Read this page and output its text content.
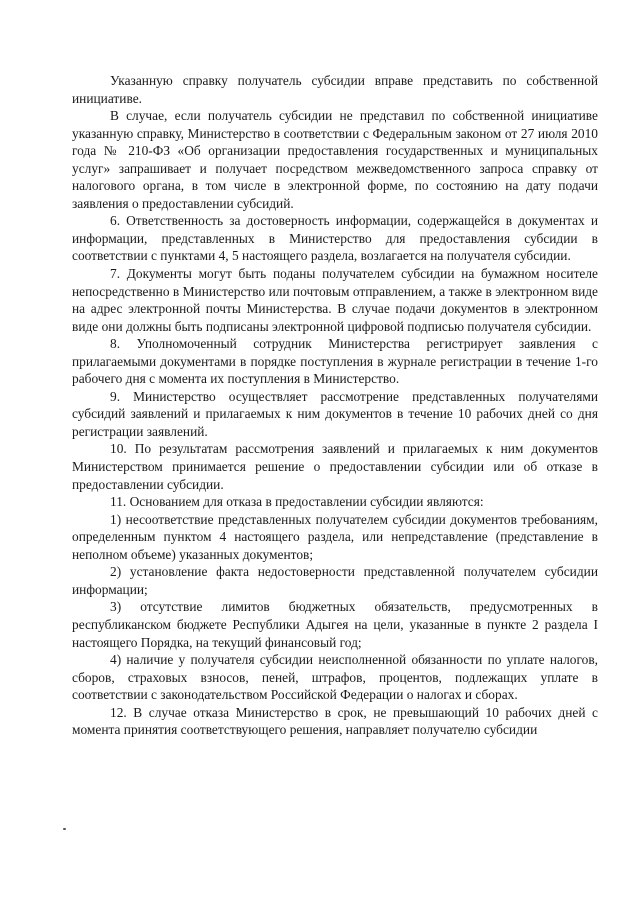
Указанную справку получатель субсидии вправе представить по собственной инициативе.

В случае, если получатель субсидии не представил по собственной инициативе указанную справку, Министерство в соответствии с Федеральным законом от 27 июля 2010 года № 210-ФЗ «Об организации предоставления государственных и муниципальных услуг» запрашивает и получает посредством межведомственного запроса справку от налогового органа, в том числе в электронной форме, по состоянию на дату подачи заявления о предоставлении субсидий.

6. Ответственность за достоверность информации, содержащейся в документах и информации, представленных в Министерство для предоставления субсидии в соответствии с пунктами 4, 5 настоящего раздела, возлагается на получателя субсидии.

7. Документы могут быть поданы получателем субсидии на бумажном носителе непосредственно в Министерство или почтовым отправлением, а также в электронном виде на адрес электронной почты Министерства. В случае подачи документов в электронном виде они должны быть подписаны электронной цифровой подписью получателя субсидии.

8. Уполномоченный сотрудник Министерства регистрирует заявления с прилагаемыми документами в порядке поступления в журнале регистрации в течение 1-го рабочего дня с момента их поступления в Министерство.

9. Министерство осуществляет рассмотрение представленных получателями субсидий заявлений и прилагаемых к ним документов в течение 10 рабочих дней со дня регистрации заявлений.

10. По результатам рассмотрения заявлений и прилагаемых к ним документов Министерством принимается решение о предоставлении субсидии или об отказе в предоставлении субсидии.

11. Основанием для отказа в предоставлении субсидии являются:

1) несоответствие представленных получателем субсидии документов требованиям, определенным пунктом 4 настоящего раздела, или непредставление (представление в неполном объеме) указанных документов;

2) установление факта недостоверности представленной получателем субсидии информации;

3) отсутствие лимитов бюджетных обязательств, предусмотренных в республиканском бюджете Республики Адыгея на цели, указанные в пункте 2 раздела I настоящего Порядка, на текущий финансовый год;

4) наличие у получателя субсидии неисполненной обязанности по уплате налогов, сборов, страховых взносов, пеней, штрафов, процентов, подлежащих уплате в соответствии с законодательством Российской Федерации о налогах и сборах.

12. В случае отказа Министерство в срок, не превышающий 10 рабочих дней с момента принятия соответствующего решения, направляет получателю субсидии
